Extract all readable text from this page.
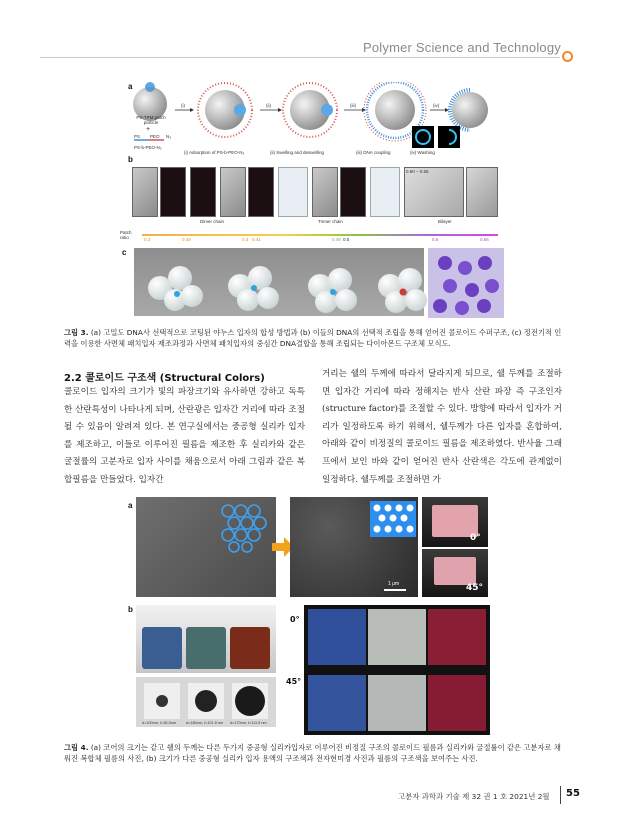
Polymer Science and Technology
a
PS-TPM patch particle
+
PS PEO N₃
PS-b-PEO-N₃
(i)	(ii)	(iii)	(iv)
(i) Adsorption of PS-b-PEO-N₃	(ii) Swelling and deswelling	(iii) DNA coupling	(iv) Washing
b
0.60 – 0.56
Dimer chain	Trimer chain	Bilayer
Patch ratio	0.3	0.34	0.4 0.41	0.48 0.5	0.6	0.66
c
그림 3. (a) 고밀도 DNA사 선택적으로 코팅된 야누스 입자의 합성 방법과 (b) 이들의 DNA의 선택적 조립을 통해 얻어진 콜로이드 수퍼구조, (c) 정전기적 인력을 이용한 사면체 패치입자 제조과정과 사면체 패치입자의 중심간 DNA결합을 통해 조립되는 다이아몬드 구조체 모식도.
2.2 콜로이드 구조색 (Structural Colors)
콜로이드 입자의 크기가 빛의 파장크기와 유사하면 강하고 독특한 산란특성이 나타나게 되며, 산란광은 입자간 거리에 따라 조절될 수 있음이 알려져 있다. 본 연구실에서는 중공형 실리카 입자를 제조하고, 이들로 이루어진 필름을 제조한 후 실리카와 같은 굴절률의 고분자로 입자 사이를 채움으로서 아래 그림과 같은 복합필름을 만들었다. 입자간
거리는 쉘의 두께에 따라서 달라지게 되므로, 쉘 두께를 조절하면 입자간 거리에 따라 정해지는 반사 산란 파장 즉 구조인자(structure factor)를 조절할 수 있다. 방향에 따라서 입자가 거리가 일정하도록 하기 위해서, 쉘두께가 다른 입자를 혼합하여, 아래와 같이 비정질의 콜로이드 필름을 제조하였다. 반사율 그래프에서 보인 바와 같이 얻어진 반사 산란색은 각도에 관계없이 일정하다. 쉘두께를 조절하면 가
a
1 μm
0°
45°
b
d=100nm, t=30.5nm	d=180nm, t=101.5 nm d=170nm, t=111.5 nm
0°
45°
그림 4. (a) 코어의 크기는 같고 쉘의 두께는 다른 두가지 중공형 실리카입자로 이루어진 비정질 구조의 콜로이드 필름과 실리카와 굴절률이 같은 고분자로 채워진 복합체 필름의 사진, (b) 크기가 다른 중공형 실리카 입자 용액의 구조색과 전자현미경 사진과 필름의 구조색을 보여주는 사진.
고분자 과학과 기술 제 32 권 1 호 2021년 2월 55
